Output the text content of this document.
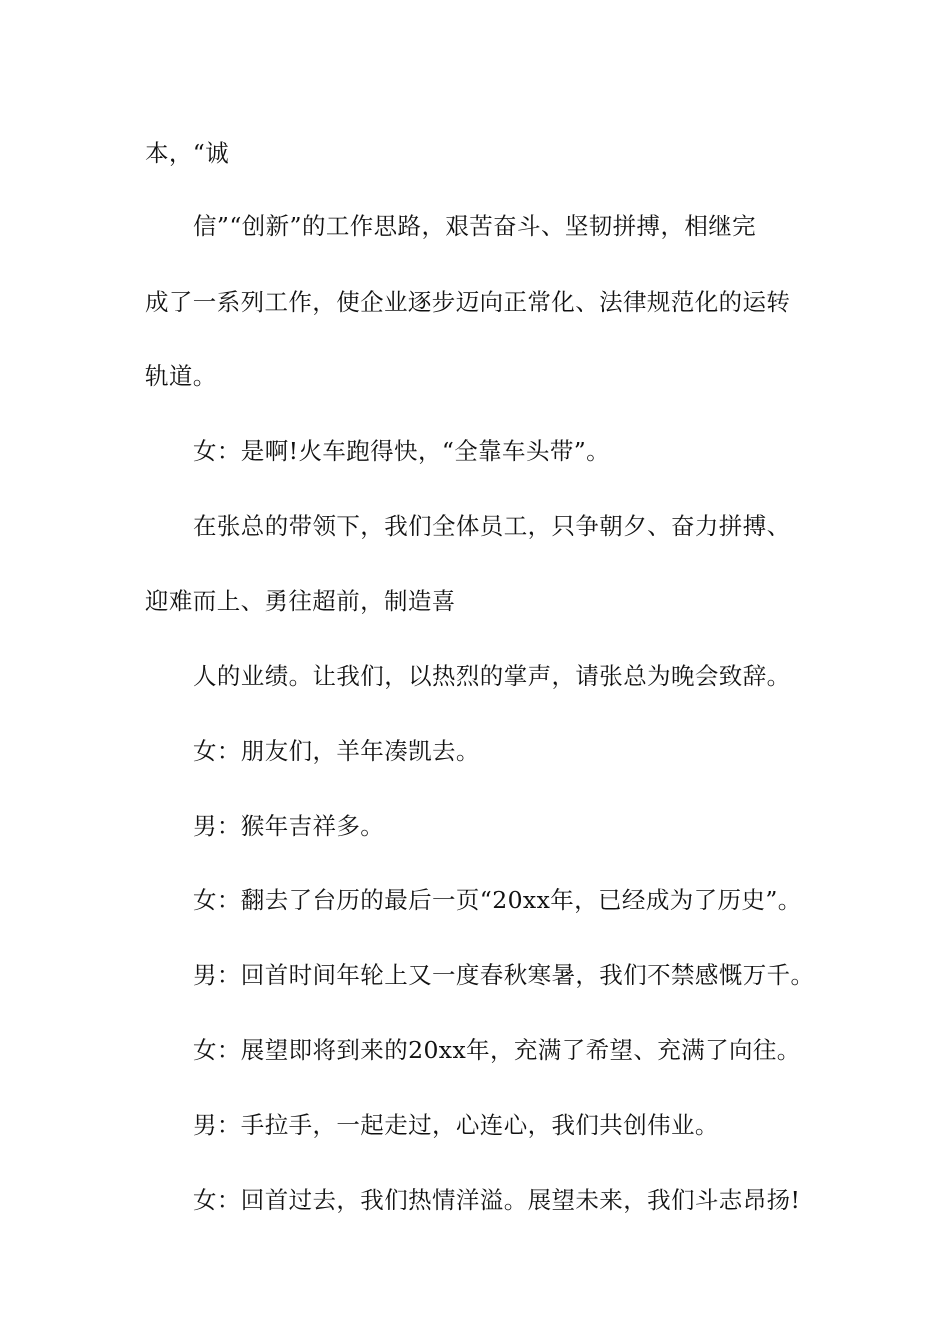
本，“诚
信”“创新”的工作思路，艰苦奋斗、坚韧拼搏，相继完
成了一系列工作，使企业逐步迈向正常化、法律规范化的运转
轨道。
女：是啊!火车跑得快，“全靠车头带”。
在张总的带领下，我们全体员工，只争朝夕、奋力拼搏、
迎难而上、勇往超前，制造喜
人的业绩。让我们，以热烈的掌声，请张总为晚会致辞。
女：朋友们，羊年凑凯去。
男：猴年吉祥多。
女：翻去了台历的最后一页“20xx年，已经成为了历史”。
男：回首时间年轮上又一度春秋寒暑，我们不禁感慨万千。
女：展望即将到来的20xx年，充满了希望、充满了向往。
男：手拉手，一起走过，心连心，我们共创伟业。
女：回首过去，我们热情洋溢。展望未来，我们斗志昂扬!
